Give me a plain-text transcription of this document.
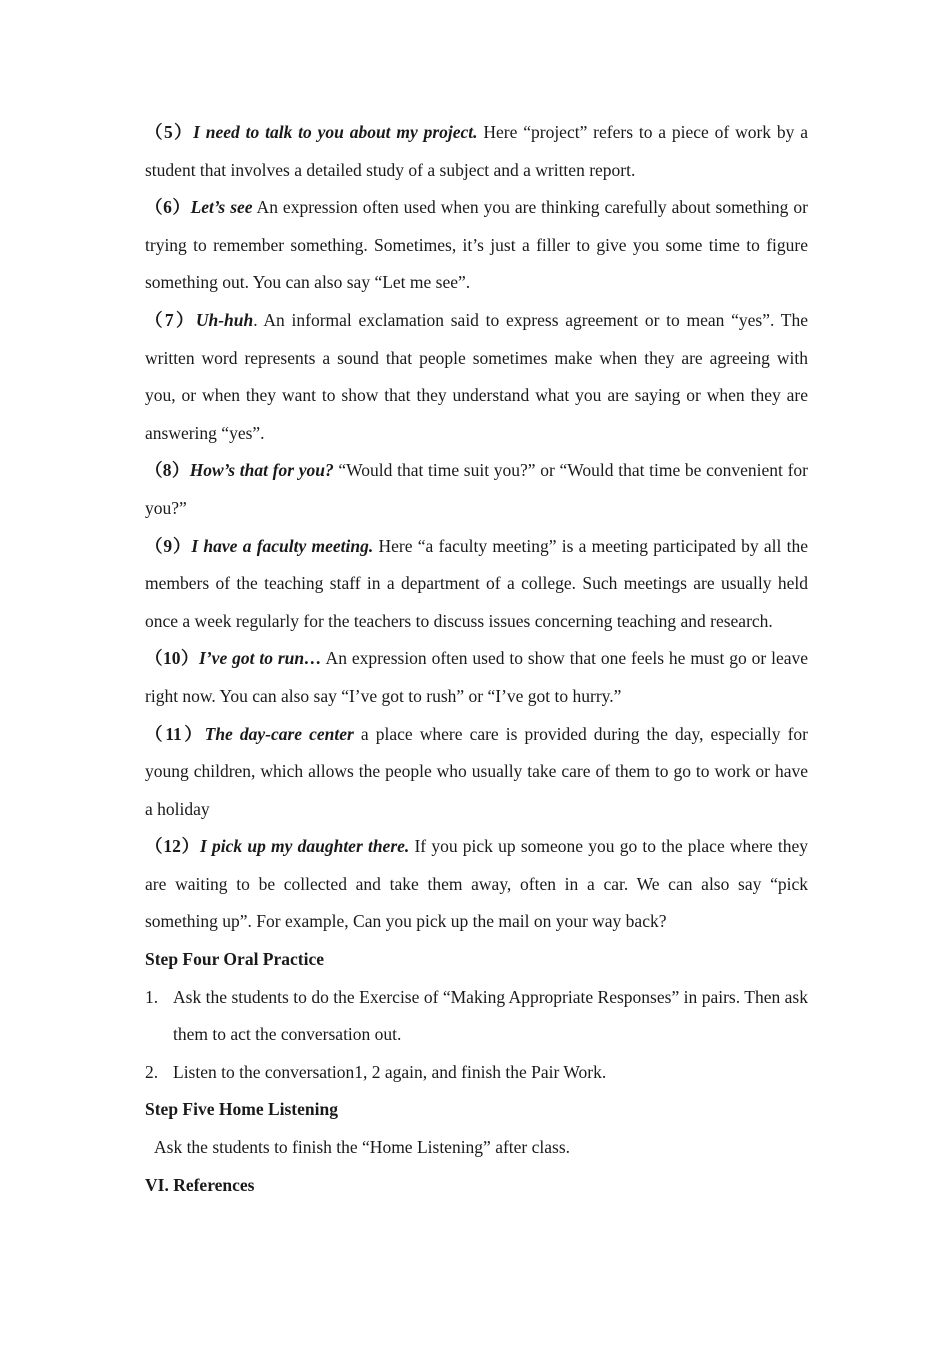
（5）I need to talk to you about my project. Here “project” refers to a piece of work by a student that involves a detailed study of a subject and a written report.

（6）Let’s see An expression often used when you are thinking carefully about something or trying to remember something. Sometimes, it’s just a filler to give you some time to figure something out. You can also say “Let me see”.

（7）Uh-huh. An informal exclamation said to express agreement or to mean “yes”. The written word represents a sound that people sometimes make when they are agreeing with you, or when they want to show that they understand what you are saying or when they are answering “yes”.

（8）How’s that for you? “Would that time suit you?” or “Would that time be convenient for you?”

（9）I have a faculty meeting. Here “a faculty meeting” is a meeting participated by all the members of the teaching staff in a department of a college. Such meetings are usually held once a week regularly for the teachers to discuss issues concerning teaching and research.

（10）I’ve got to run… An expression often used to show that one feels he must go or leave right now. You can also say “I’ve got to rush” or “I’ve got to hurry.”

（11）The day-care center a place where care is provided during the day, especially for young children, which allows the people who usually take care of them to go to work or have a holiday

（12）I pick up my daughter there. If you pick up someone you go to the place where they are waiting to be collected and take them away, often in a car. We can also say “pick something up”. For example, Can you pick up the mail on your way back?

Step Four Oral Practice

1. Ask the students to do the Exercise of “Making Appropriate Responses” in pairs. Then ask them to act the conversation out.

2. Listen to the conversation1, 2 again, and finish the Pair Work.

Step Five Home Listening

Ask the students to finish the “Home Listening” after class.

VI. References
